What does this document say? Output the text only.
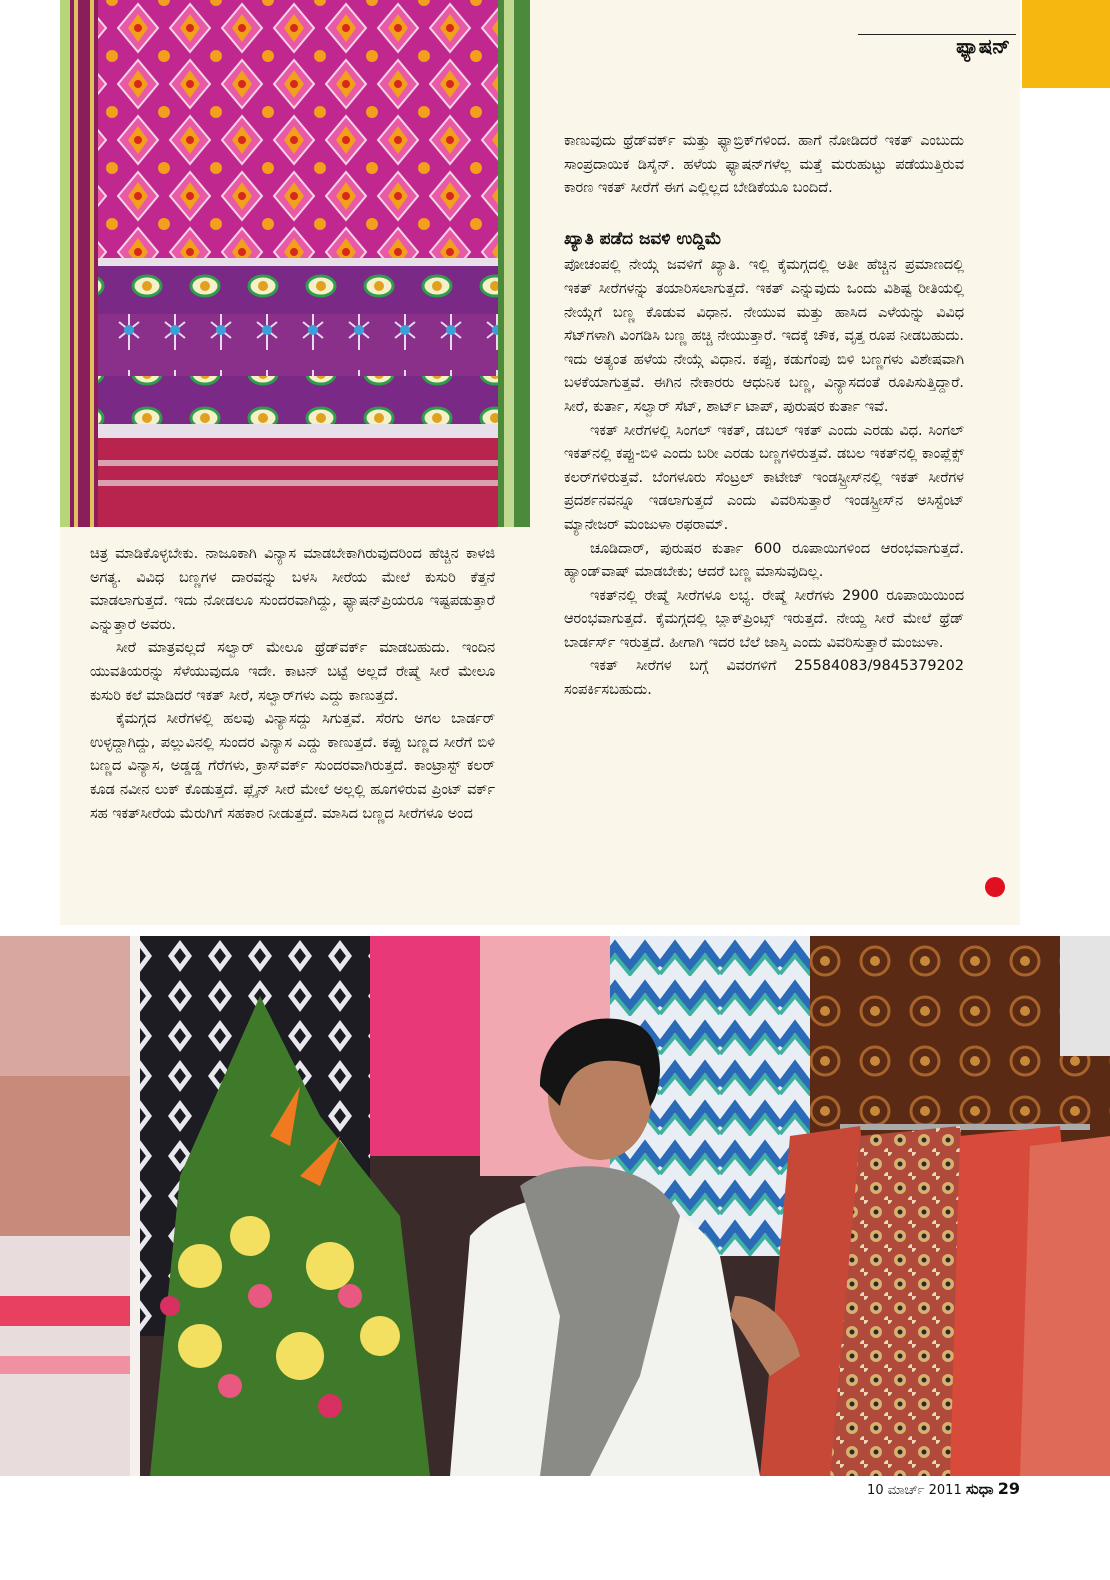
ಫ್ಯಾಷನ್

ಚಿತ್ರ ಮಾಡಿಕೊಳ್ಳಬೇಕು. ನಾಜೂಕಾಗಿ ವಿನ್ಯಾಸ ಮಾಡಬೇಕಾಗಿರುವುದರಿಂದ ಹೆಚ್ಚಿನ ಕಾಳಜಿ ಅಗತ್ಯ. ವಿವಿಧ ಬಣ್ಣಗಳ ದಾರವನ್ನು ಬಳಸಿ ಸೀರೆಯ ಮೇಲೆ ಕುಸುರಿ ಕೆತ್ತನೆ ಮಾಡಲಾಗುತ್ತದೆ. ಇದು ನೋಡಲೂ ಸುಂದರವಾಗಿದ್ದು, ಫ್ಯಾಷನ್‌ಪ್ರಿಯರೂ ಇಷ್ಟಪಡುತ್ತಾರೆ ಎನ್ನುತ್ತಾರೆ ಅವರು.

ಸೀರೆ ಮಾತ್ರವಲ್ಲದೆ ಸಲ್ವಾರ್ ಮೇಲೂ ಥ್ರೆಡ್‌ವರ್ಕ್ ಮಾಡಬಹುದು. ಇಂದಿನ ಯುವತಿಯರನ್ನು ಸೆಳೆಯುವುದೂ ಇದೇ. ಕಾಟನ್ ಬಟ್ಟೆ ಅಲ್ಲದೆ ರೇಷ್ಮೆ ಸೀರೆ ಮೇಲೂ ಕುಸುರಿ ಕಲೆ ಮಾಡಿದರೆ ಇಕತ್ ಸೀರೆ, ಸಲ್ವಾರ್‌ಗಳು ಎದ್ದು ಕಾಣುತ್ತದೆ.

ಕೈಮಗ್ಗದ ಸೀರೆಗಳಲ್ಲಿ ಹಲವು ವಿನ್ಯಾಸದ್ದು ಸಿಗುತ್ತವೆ. ಸೆರಗು ಅಗಲ ಬಾರ್ಡರ್ ಉಳ್ಳದ್ದಾಗಿದ್ದು, ಪಲ್ಲುವಿನಲ್ಲಿ ಸುಂದರ ವಿನ್ಯಾಸ ಎದ್ದು ಕಾಣುತ್ತದೆ. ಕಪ್ಪು ಬಣ್ಣದ ಸೀರೆಗೆ ಬಿಳಿ ಬಣ್ಣದ ವಿನ್ಯಾಸ, ಅಡ್ಡಡ್ಡ ಗೆರೆಗಳು, ಕ್ರಾಸ್‌ವರ್ಕ್ ಸುಂದರವಾಗಿರುತ್ತದೆ. ಕಾಂಟ್ರಾಸ್ಟ್ ಕಲರ್ ಕೂಡ ನವೀನ ಲುಕ್ ಕೊಡುತ್ತದೆ. ಪ್ಲೈನ್ ಸೀರೆ ಮೇಲೆ ಅಲ್ಲಲ್ಲಿ ಹೂಗಳಿರುವ ಪ್ರಿಂಟ್ ವರ್ಕ್ ಸಹ ಇಕತ್‌ಸೀರೆಯ ಮೆರುಗಿಗೆ ಸಹಕಾರ ನೀಡುತ್ತದೆ. ಮಾಸಿದ ಬಣ್ಣದ ಸೀರೆಗಳೂ ಅಂದ

ಕಾಣುವುದು ಥ್ರೆಡ್‌ವರ್ಕ್ ಮತ್ತು ಫ್ಯಾಬ್ರಿಕ್‌ಗಳಿಂದ. ಹಾಗೆ ನೋಡಿದರೆ ಇಕತ್ ಎಂಬುದು ಸಾಂಪ್ರದಾಯಿಕ ಡಿಸೈನ್. ಹಳೆಯ ಫ್ಯಾಷನ್‌ಗಳೆಲ್ಲ ಮತ್ತೆ ಮರುಹುಟ್ಟು ಪಡೆಯುತ್ತಿರುವ ಕಾರಣ ಇಕತ್ ಸೀರೆಗೆ ಈಗ ಎಲ್ಲಿಲ್ಲದ ಬೇಡಿಕೆಯೂ ಬಂದಿದೆ.

ಖ್ಯಾತಿ ಪಡೆದ ಜವಳಿ ಉದ್ದಿಮೆ

ಪೋಚಂಪಲ್ಲಿ ನೇಯ್ಗೆ ಜವಳಿಗೆ ಖ್ಯಾತಿ. ಇಲ್ಲಿ ಕೈಮಗ್ಗದಲ್ಲಿ ಅತೀ ಹೆಚ್ಚಿನ ಪ್ರಮಾಣದಲ್ಲಿ ಇಕತ್ ಸೀರೆಗಳನ್ನು ತಯಾರಿಸಲಾಗುತ್ತದೆ. ಇಕತ್ ಎನ್ನುವುದು ಒಂದು ವಿಶಿಷ್ಟ ರೀತಿಯಲ್ಲಿ ನೇಯ್ಗೆಗೆ ಬಣ್ಣ ಕೊಡುವ ವಿಧಾನ. ನೇಯುವ ಮತ್ತು ಹಾಸಿದ ಎಳೆಯನ್ನು ವಿವಿಧ ಸೆಟ್‌ಗಳಾಗಿ ವಿಂಗಡಿಸಿ ಬಣ್ಣ ಹಚ್ಚಿ ನೇಯುತ್ತಾರೆ. ಇದಕ್ಕೆ ಚೌಕ, ವೃತ್ತ ರೂಪ ನೀಡಬಹುದು. ಇದು ಅತ್ಯಂತ ಹಳೆಯ ನೇಯ್ಗೆ ವಿಧಾನ. ಕಪ್ಪು, ಕಡುಗೆಂಪು ಬಿಳಿ ಬಣ್ಣಗಳು ವಿಶೇಷವಾಗಿ ಬಳಕೆಯಾಗುತ್ತವೆ. ಈಗಿನ ನೇಕಾರರು ಆಧುನಿಕ ಬಣ್ಣ, ವಿನ್ಯಾಸದಂತೆ ರೂಪಿಸುತ್ತಿದ್ದಾರೆ. ಸೀರೆ, ಕುರ್ತಾ, ಸಲ್ವಾರ್ ಸೆಟ್, ಶಾರ್ಟ್ ಟಾಪ್, ಪುರುಷರ ಕುರ್ತಾ ಇವೆ.

ಇಕತ್ ಸೀರೆಗಳಲ್ಲಿ ಸಿಂಗಲ್ ಇಕತ್, ಡಬಲ್ ಇಕತ್ ಎಂದು ಎರಡು ವಿಧ. ಸಿಂಗಲ್ ಇಕತ್‌ನಲ್ಲಿ ಕಪ್ಪು-ಬಿಳಿ ಎಂದು ಬರೀ ಎರಡು ಬಣ್ಣಗಳಿರುತ್ತವೆ. ಡಬಲ ಇಕತ್‌ನಲ್ಲಿ ಕಾಂಪ್ಲೆಕ್ಸ್ ಕಲರ್‌ಗಳಿರುತ್ತವೆ. ಬೆಂಗಳೂರು ಸೆಂಟ್ರಲ್ ಕಾಟೇಜ್ ಇಂಡಸ್ಟ್ರೀಸ್‌ನಲ್ಲಿ ಇಕತ್ ಸೀರೆಗಳ ಪ್ರದರ್ಶನವನ್ನೂ ಇಡಲಾಗುತ್ತದೆ ಎಂದು ವಿವರಿಸುತ್ತಾರೆ ಇಂಡಸ್ಟ್ರೀಸ್‌ನ ಅಸಿಸ್ಟೆಂಟ್ ಮ್ಯಾನೇಜರ್ ಮಂಜುಳಾ ರಫರಾಮ್.

ಚೂಡಿದಾರ್, ಪುರುಷರ ಕುರ್ತಾ 600 ರೂಪಾಯಿಗಳಿಂದ ಆರಂಭವಾಗುತ್ತದೆ. ಹ್ಯಾಂಡ್‌ವಾಷ್ ಮಾಡಬೇಕು; ಆದರೆ ಬಣ್ಣ ಮಾಸುವುದಿಲ್ಲ.

ಇಕತ್‌ನಲ್ಲಿ ರೇಷ್ಮೆ ಸೀರೆಗಳೂ ಲಭ್ಯ. ರೇಷ್ಮೆ ಸೀರೆಗಳು 2900 ರೂಪಾಯಿಯಿಂದ ಆರಂಭವಾಗುತ್ತದೆ. ಕೈಮಗ್ಗದಲ್ಲಿ ಬ್ಲಾಕ್‌ಪ್ರಿಂಟ್ಸ್ ಇರುತ್ತದೆ. ನೇಯ್ದ ಸೀರೆ ಮೇಲೆ ಥ್ರೆಡ್ ಬಾರ್ಡರ್ಸ್ ಇರುತ್ತದೆ. ಹೀಗಾಗಿ ಇದರ ಬೆಲೆ ಜಾಸ್ತಿ ಎಂದು ವಿವರಿಸುತ್ತಾರೆ ಮಂಜುಳಾ.

ಇಕತ್ ಸೀರೆಗಳ ಬಗ್ಗೆ ವಿವರಗಳಿಗೆ 25584083/9845379202 ಸಂಪರ್ಕಿಸಬಹುದು.

10 ಮಾರ್ಚ್ 2011 ಸುಧಾ 29
